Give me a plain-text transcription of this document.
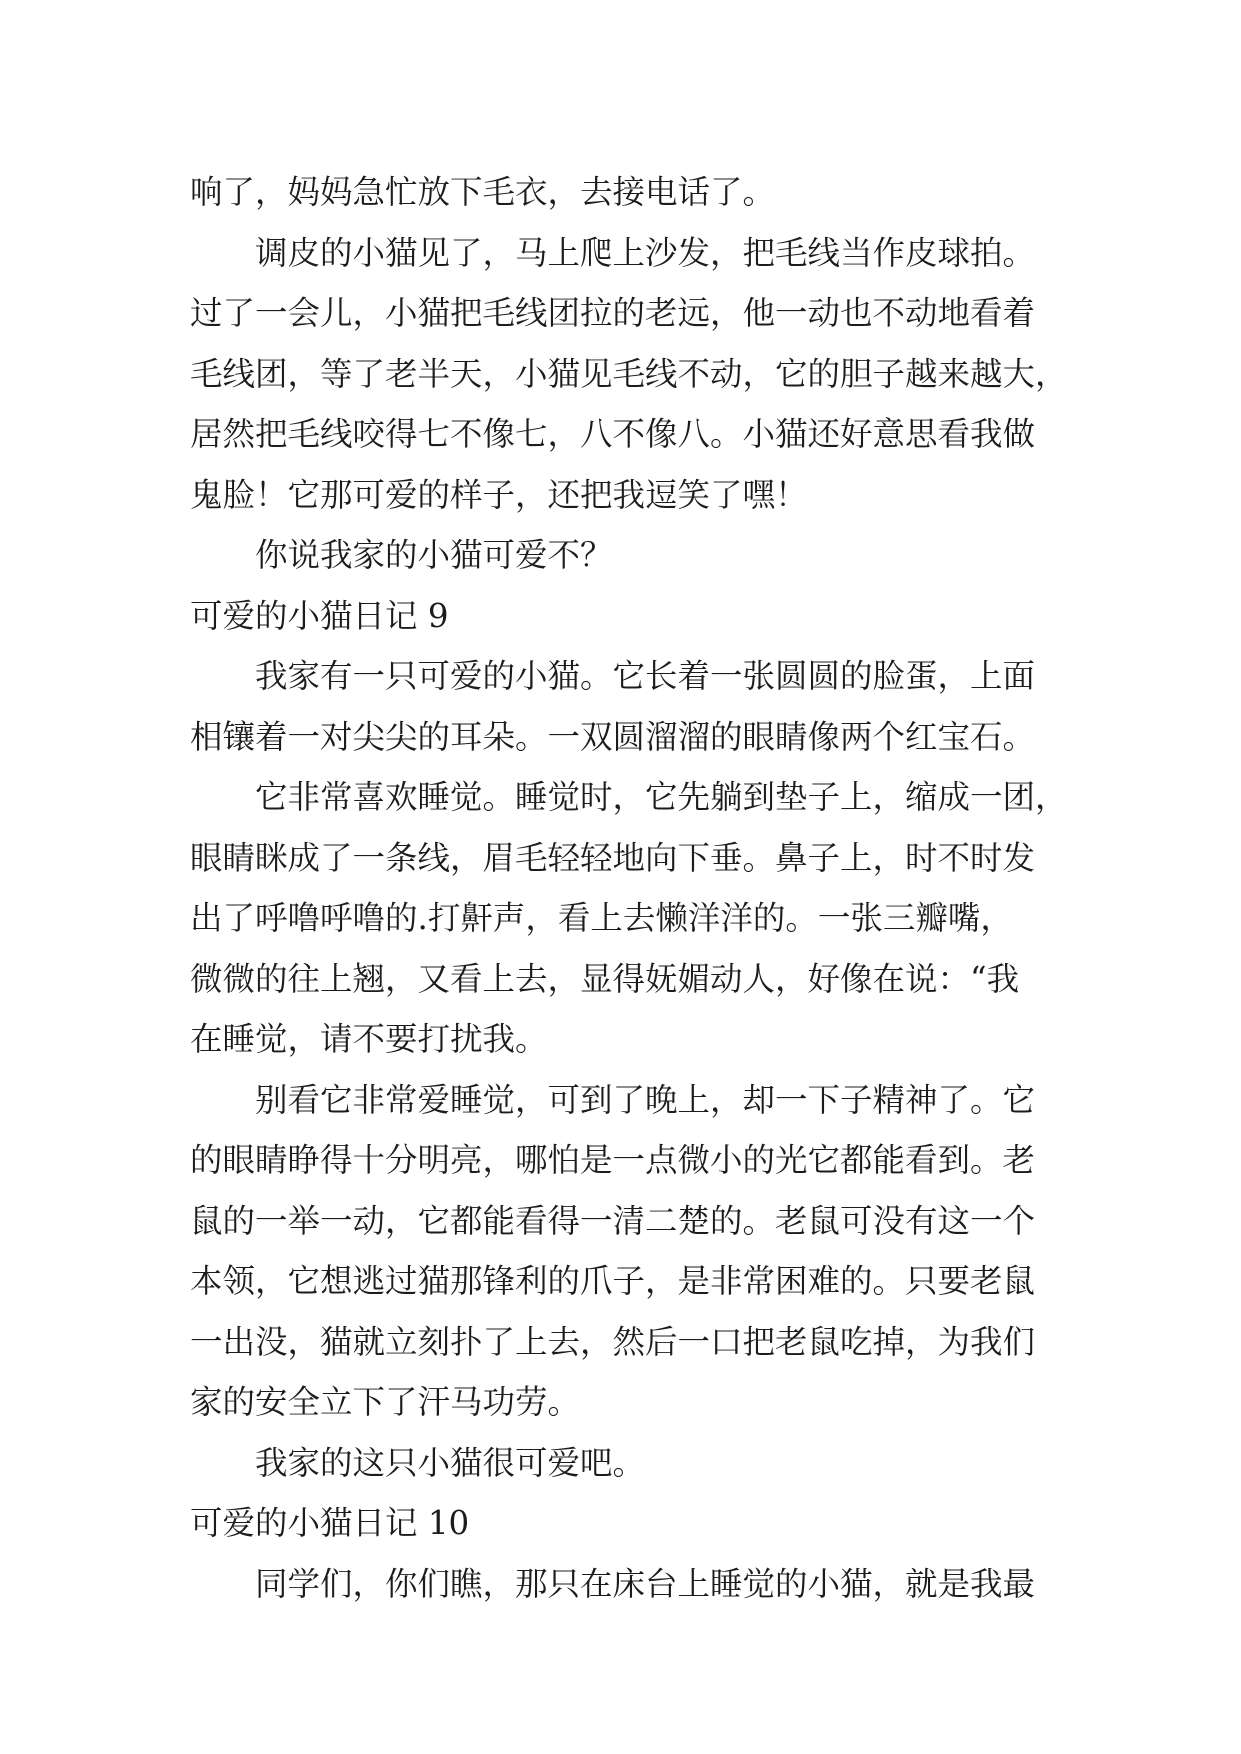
响了，妈妈急忙放下毛衣，去接电话了。
调皮的小猫见了，马上爬上沙发，把毛线当作皮球拍。
过了一会儿，小猫把毛线团拉的老远，他一动也不动地看着
毛线团，等了老半天，小猫见毛线不动，它的胆子越来越大，
居然把毛线咬得七不像七，八不像八。小猫还好意思看我做
鬼脸！它那可爱的样子，还把我逗笑了嘿！
你说我家的小猫可爱不？
可爱的小猫日记 9
我家有一只可爱的小猫。它长着一张圆圆的脸蛋，上面
相镶着一对尖尖的耳朵。一双圆溜溜的眼睛像两个红宝石。
它非常喜欢睡觉。睡觉时，它先躺到垫子上，缩成一团，
眼睛眯成了一条线，眉毛轻轻地向下垂。鼻子上，时不时发
出了呼噜呼噜的.打鼾声，看上去懒洋洋的。一张三瓣嘴，
微微的往上翘，又看上去，显得妩媚动人，好像在说：“我
在睡觉，请不要打扰我。
别看它非常爱睡觉，可到了晚上，却一下子精神了。它
的眼睛睁得十分明亮，哪怕是一点微小的光它都能看到。老
鼠的一举一动，它都能看得一清二楚的。老鼠可没有这一个
本领，它想逃过猫那锋利的爪子，是非常困难的。只要老鼠
一出没，猫就立刻扑了上去，然后一口把老鼠吃掉，为我们
家的安全立下了汗马功劳。
我家的这只小猫很可爱吧。
可爱的小猫日记 10
同学们，你们瞧，那只在床台上睡觉的小猫，就是我最
